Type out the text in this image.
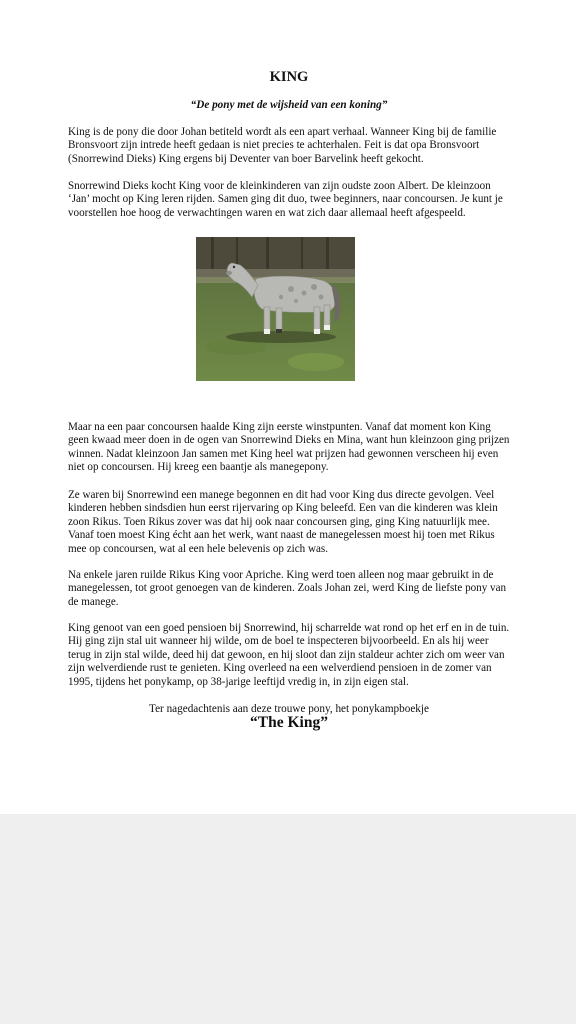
KING
“De pony met de wijsheid van een koning”

King is de pony die door Johan betiteld wordt als een apart verhaal. Wanneer King bij de familie Bronsvoort zijn intrede heeft gedaan is niet precies te achterhalen. Feit is dat opa Bronsvoort (Snorrewind Dieks) King ergens bij Deventer van boer Barvelink heeft gekocht.

Snorrewind Dieks kocht King voor de kleinkinderen van zijn oudste zoon Albert. De kleinzoon ‘Jan’ mocht op King leren rijden. Samen ging dit duo, twee beginners, naar concoursen. Je kunt je voorstellen hoe hoog de verwachtingen waren en wat zich daar allemaal heeft afgespeeld.

Maar na een paar concoursen haalde King zijn eerste winstpunten. Vanaf dat moment kon King geen kwaad meer doen in de ogen van Snorrewind Dieks en Mina, want hun kleinzoon ging prijzen winnen. Nadat kleinzoon Jan samen met King heel wat prijzen had gewonnen verscheen hij even niet op concoursen. Hij kreeg een baantje als manegepony.

Ze waren bij Snorrewind een manege begonnen en dit had voor King dus directe gevolgen. Veel kinderen hebben sindsdien hun eerst rijervaring op King beleefd. Een van die kinderen was klein zoon Rikus. Toen Rikus zover was dat hij ook naar concoursen ging, ging King natuurlijk mee. Vanaf toen moest King écht aan het werk, want naast de manegelessen moest hij toen met Rikus mee op concoursen, wat al een hele belevenis op zich was.

Na enkele jaren ruilde Rikus King voor Apriche. King werd toen alleen nog maar gebruikt in de manegelessen, tot groot genoegen van de kinderen. Zoals Johan zei, werd King de liefste pony van de manege.

King genoot van een goed pensioen bij Snorrewind, hij scharrelde wat rond op het erf en in de tuin. Hij ging zijn stal uit wanneer hij wilde, om de boel te inspecteren bijvoorbeeld. En als hij weer terug in zijn stal wilde, deed hij dat gewoon, en hij sloot dan zijn staldeur achter zich om weer van zijn welverdiende rust te genieten. King overleed na een welverdiend pensioen in de zomer van 1995, tijdens het ponykamp, op 38-jarige leeftijd vredig in, in zijn eigen stal.

Ter nagedachtenis aan deze trouwe pony, het ponykampboekje
“The King”
